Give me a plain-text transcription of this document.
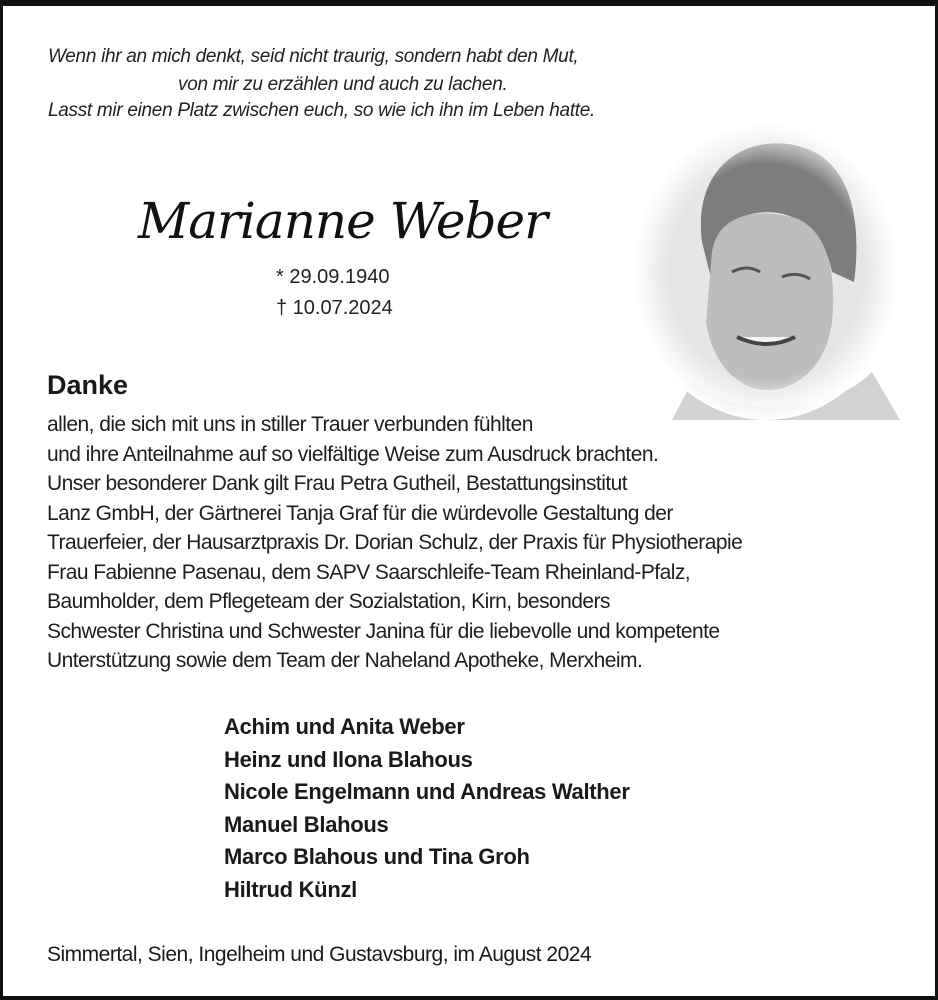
Wenn ihr an mich denkt, seid nicht traurig, sondern habt den Mut,
von mir zu erzählen und auch zu lachen.
Lasst mir einen Platz zwischen euch, so wie ich ihn im Leben hatte.
Marianne Weber
* 29.09.1940
† 10.07.2024
Danke
allen, die sich mit uns in stiller Trauer verbunden fühlten
und ihre Anteilnahme auf so vielfältige Weise zum Ausdruck brachten.
Unser besonderer Dank gilt Frau Petra Gutheil, Bestattungsinstitut
Lanz GmbH, der Gärtnerei Tanja Graf für die würdevolle Gestaltung der
Trauerfeier, der Hausarztpraxis Dr. Dorian Schulz, der Praxis für Physiotherapie
Frau Fabienne Pasenau, dem SAPV Saarschleife-Team Rheinland-Pfalz,
Baumholder, dem Pflegeteam der Sozialstation, Kirn, besonders
Schwester Christina und Schwester Janina für die liebevolle und kompetente
Unterstützung sowie dem Team der Naheland Apotheke, Merxheim.
Achim und Anita Weber
Heinz und Ilona Blahous
Nicole Engelmann und Andreas Walther
Manuel Blahous
Marco Blahous und Tina Groh
Hiltrud Künzl
Simmertal, Sien, Ingelheim und Gustavsburg, im August 2024
